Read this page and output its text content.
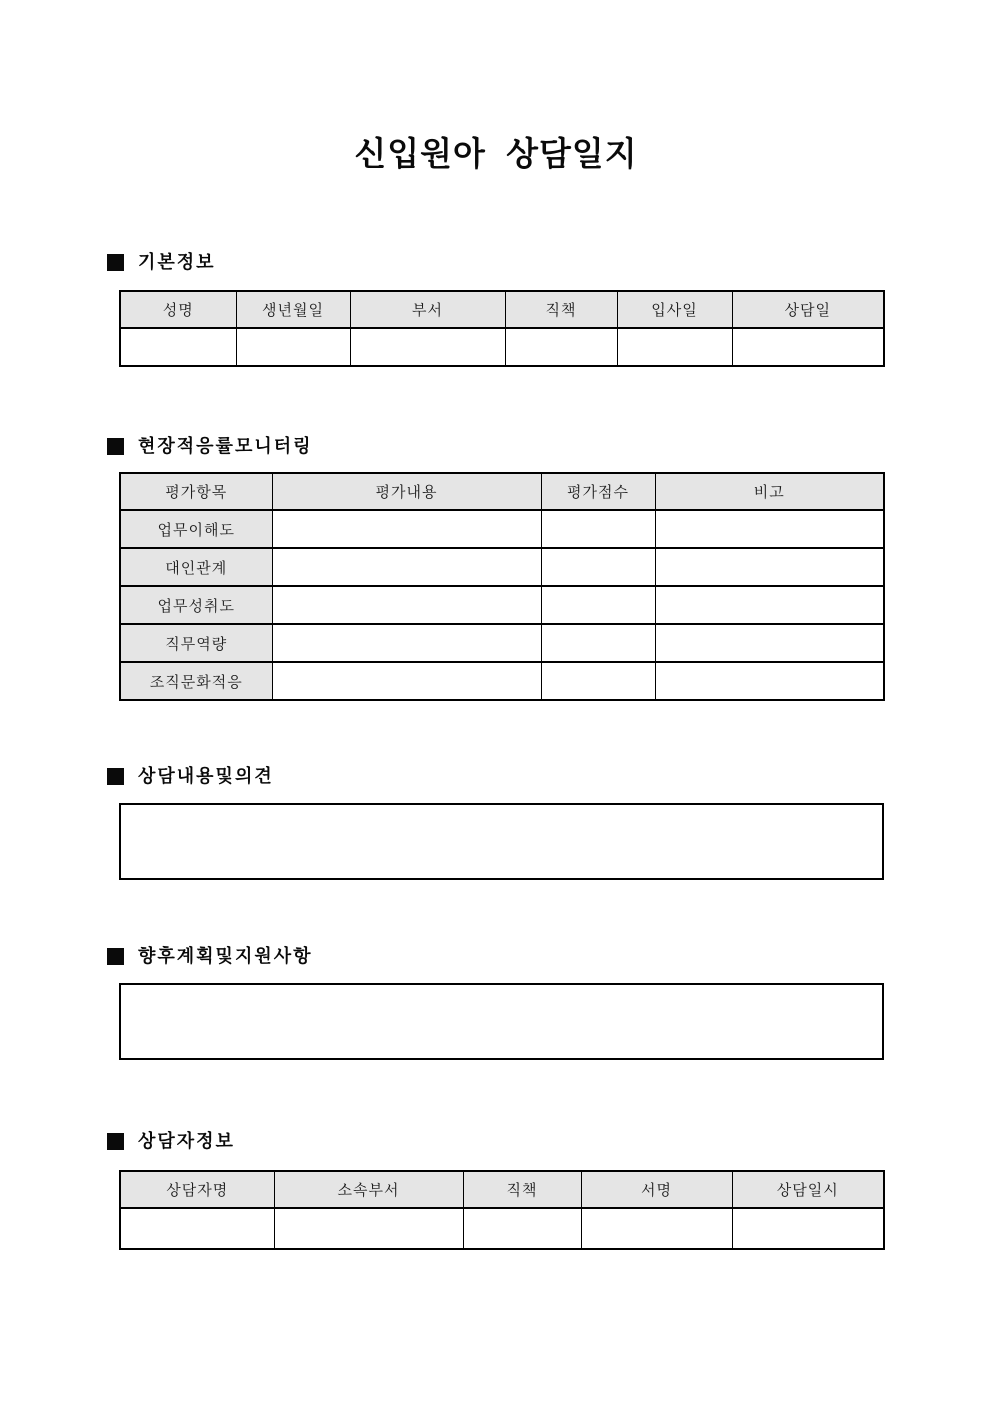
신입원아  상담일지
기본정보
성명	생년월일	부서	직책	입사일	상담일

현장적응률모니터링
평가항목	평가내용	평가점수	비고
업무이해도			
대인관계			
업무성취도			
직무역량			
조직문화적응			
상담내용및의견
향후계획및지원사항
상담자정보
상담자명	소속부서	직책	서명	상담일시
